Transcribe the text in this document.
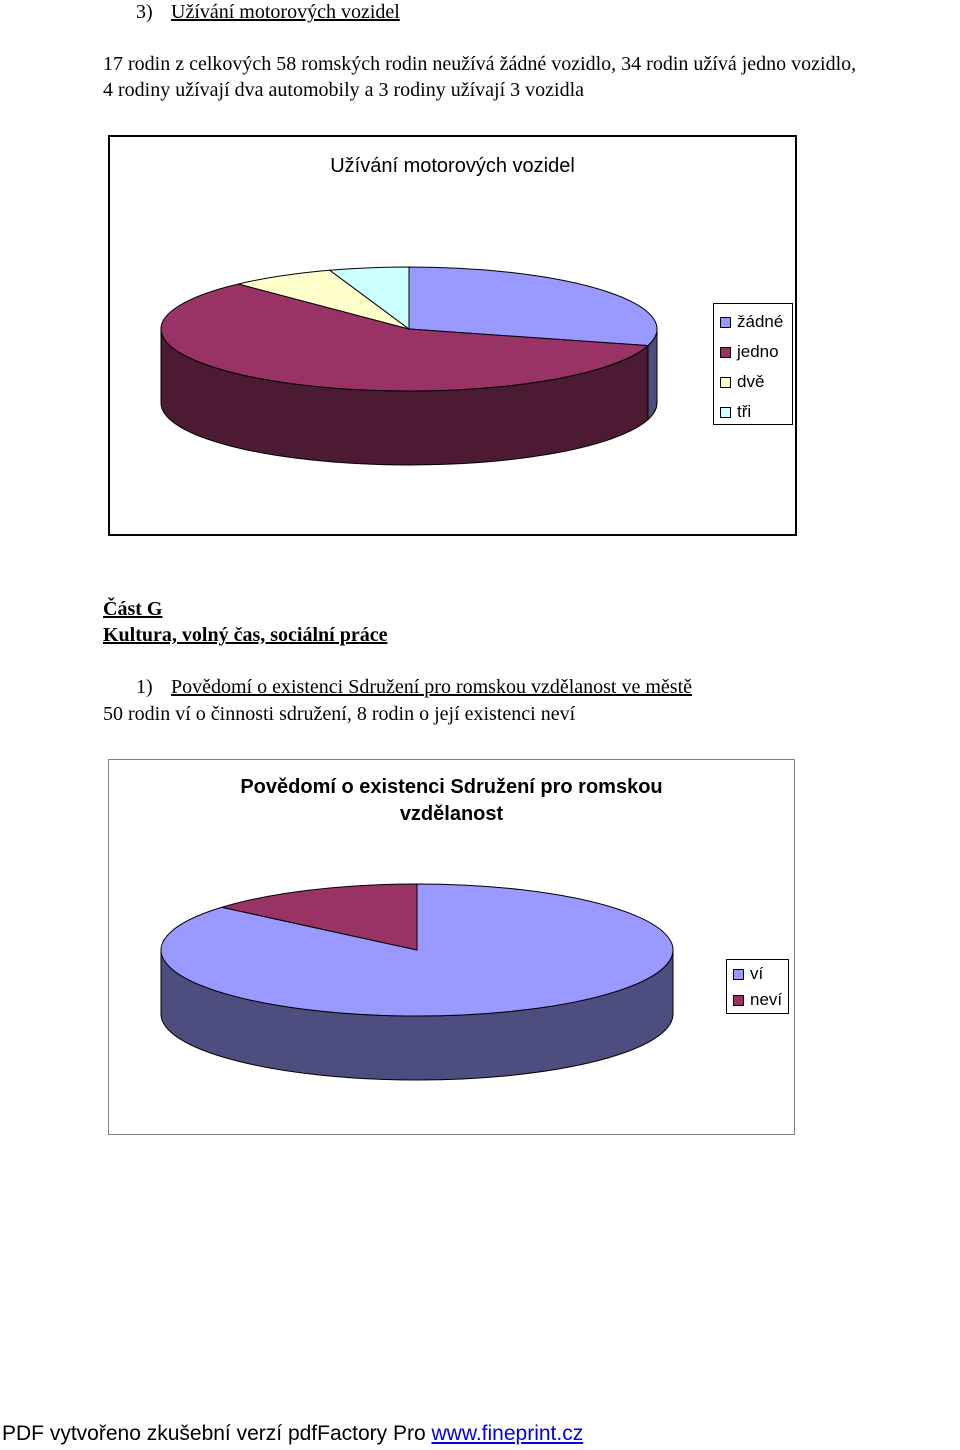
3) Užívání motorových vozidel
17 rodin z celkových 58 romských rodin neužívá žádné vozidlo, 34 rodin užívá jedno vozidlo,
4 rodiny užívají dva automobily a 3 rodiny užívají 3 vozidla
Užívání motorových vozidel
žádné
jedno
dvě
tři
Část G
Kultura, volný čas, sociální práce
1) Povědomí o existenci Sdružení pro romskou vzdělanost ve městě
50 rodin ví o činnosti sdružení, 8 rodin o její existenci neví
Povědomí o existenci Sdružení pro romskou
vzdělanost
ví
neví
PDF vytvořeno zkušební verzí pdfFactory Pro www.fineprint.cz
